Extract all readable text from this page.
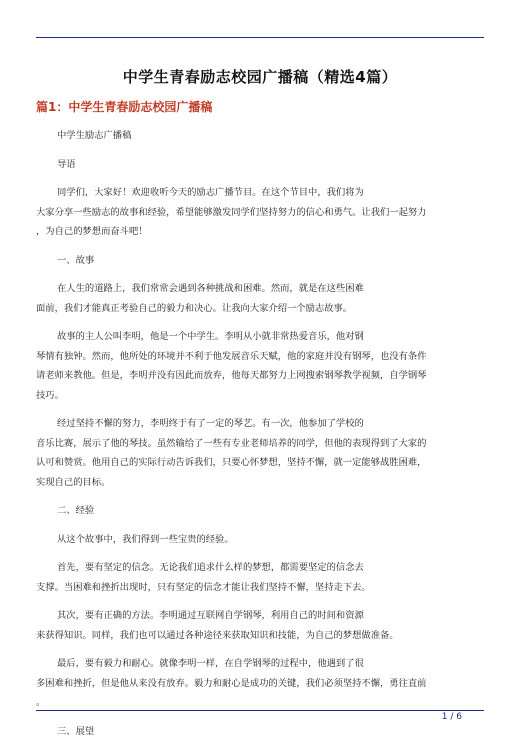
中学生青春励志校园广播稿（精选4篇）
篇1：中学生青春励志校园广播稿
中学生励志广播稿
导语
同学们，大家好！欢迎收听今天的励志广播节目。在这个节目中，我们将为
大家分享一些励志的故事和经验，希望能够激发同学们坚持努力的信心和勇气。让我们一起努力
，为自己的梦想而奋斗吧！
一、故事
在人生的道路上，我们常常会遇到各种挑战和困难。然而，就是在这些困难
面前，我们才能真正考验自己的毅力和决心。让我向大家介绍一个励志故事。
故事的主人公叫李明，他是一个中学生。李明从小就非常热爱音乐，他对钢
琴情有独钟。然而，他所处的环境并不利于他发展音乐天赋，他的家庭并没有钢琴，也没有条件
请老师来教他。但是，李明并没有因此而放弃，他每天都努力上网搜索钢琴教学视频，自学钢琴
技巧。
经过坚持不懈的努力，李明终于有了一定的琴艺。有一次，他参加了学校的
音乐比赛，展示了他的琴技。虽然输给了一些有专业老师培养的同学，但他的表现得到了大家的
认可和赞赏。他用自己的实际行动告诉我们，只要心怀梦想，坚持不懈，就一定能够战胜困难，
实现自己的目标。
二、经验
从这个故事中，我们得到一些宝贵的经验。
首先，要有坚定的信念。无论我们追求什么样的梦想，都需要坚定的信念去
支撑。当困难和挫折出现时，只有坚定的信念才能让我们坚持不懈，坚持走下去。
其次，要有正确的方法。李明通过互联网自学钢琴，利用自己的时间和资源
来获得知识。同样，我们也可以通过各种途径来获取知识和技能，为自己的梦想做准备。
最后，要有毅力和耐心。就像李明一样，在自学钢琴的过程中，他遇到了很
多困难和挫折，但是他从来没有放弃。毅力和耐心是成功的关键，我们必须坚持不懈，勇往直前
。
三、展望
1 / 6
